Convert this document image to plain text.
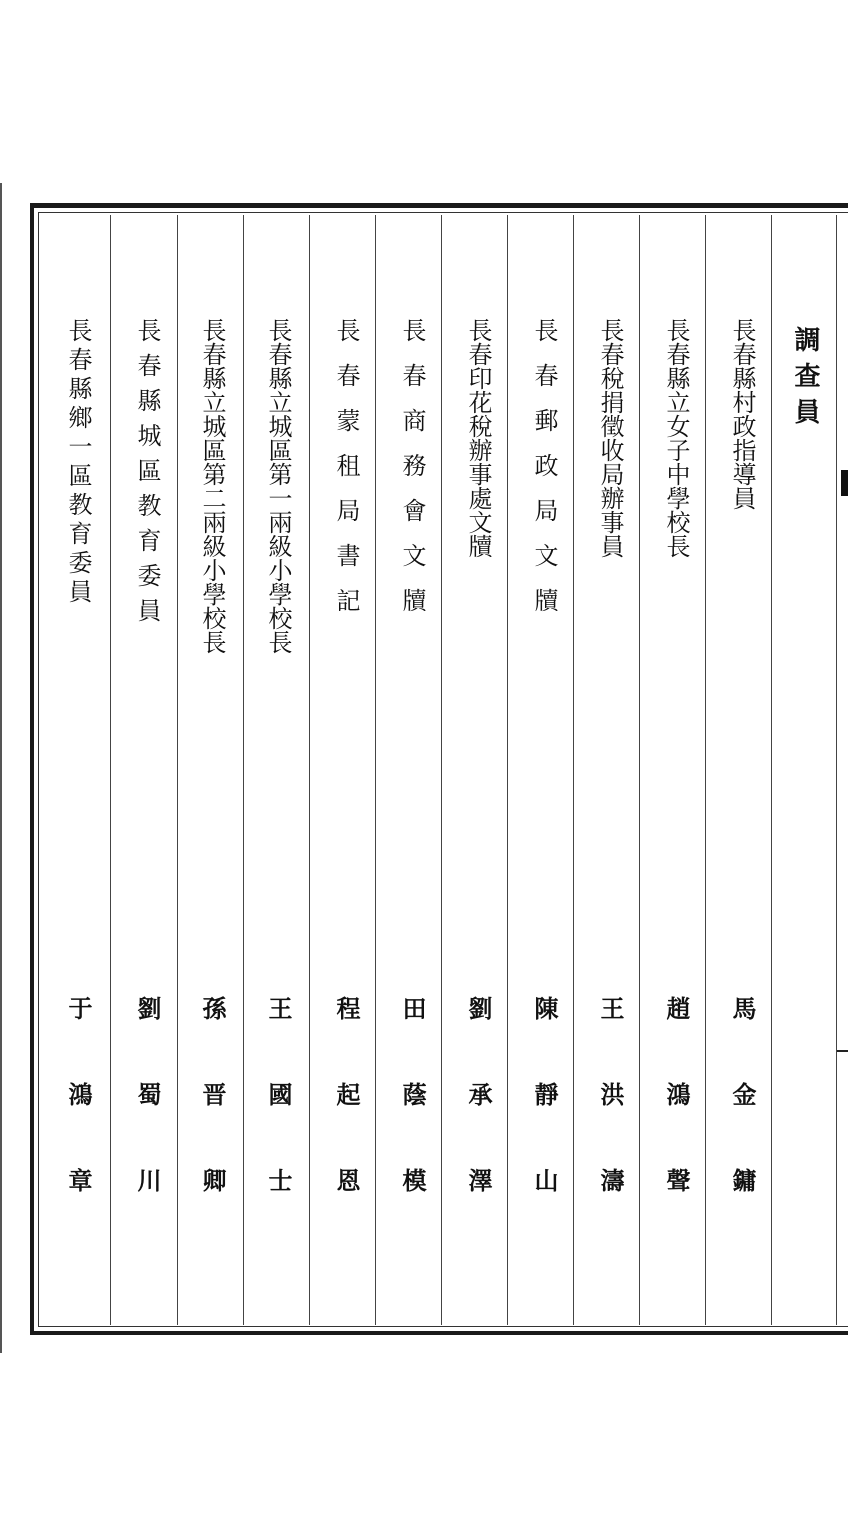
調查員
長春縣村政指導員
馬金鏞
長春縣立女子中學校長
趙鴻聲
長春稅捐徵收局辦事員
王洪濤
長春郵政局文牘
陳靜山
長春印花稅辦事處文牘
劉承澤
長春商務會文牘
田蔭模
長春蒙租局書記
程起恩
長春縣立城區第一兩級小學校長
王國士
長春縣立城區第二兩級小學校長
孫晋卿
長春縣城區教育委員
劉蜀川
長春縣鄉一區教育委員
于鴻章
